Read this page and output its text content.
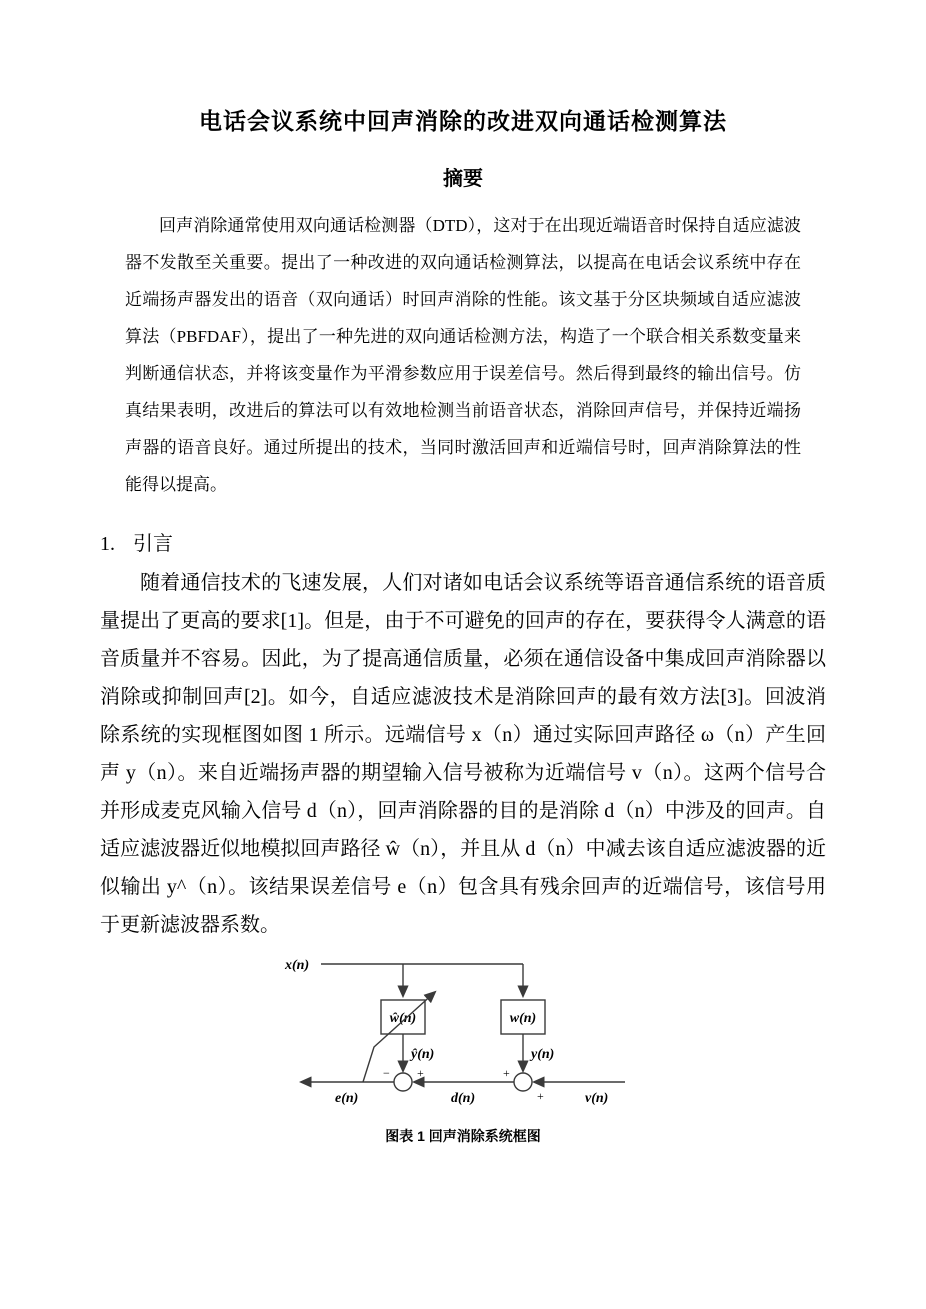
电话会议系统中回声消除的改进双向通话检测算法
摘要

回声消除通常使用双向通话检测器（DTD），这对于在出现近端语音时保持自适应滤波器不发散至关重要。提出了一种改进的双向通话检测算法，以提高在电话会议系统中存在近端扬声器发出的语音（双向通话）时回声消除的性能。该文基于分区块频域自适应滤波算法（PBFDAF），提出了一种先进的双向通话检测方法，构造了一个联合相关系数变量来判断通信状态，并将该变量作为平滑参数应用于误差信号。然后得到最终的输出信号。仿真结果表明，改进后的算法可以有效地检测当前语音状态，消除回声信号，并保持近端扬声器的语音良好。通过所提出的技术，当同时激活回声和近端信号时，回声消除算法的性能得以提高。

1. 引言

随着通信技术的飞速发展，人们对诸如电话会议系统等语音通信系统的语音质量提出了更高的要求[1]。但是，由于不可避免的回声的存在，要获得令人满意的语音质量并不容易。因此，为了提高通信质量，必须在通信设备中集成回声消除器以消除或抑制回声[2]。如今，自适应滤波技术是消除回声的最有效方法[3]。回波消除系统的实现框图如图 1 所示。远端信号 x（n）通过实际回声路径 ω（n）产生回声 y（n）。来自近端扬声器的期望输入信号被称为近端信号 v（n）。这两个信号合并形成麦克风输入信号 d（n），回声消除器的目的是消除 d（n）中涉及的回声。自适应滤波器近似地模拟回声路径 ŵ（n），并且从 d（n）中减去该自适应滤波器的近似输出 y^（n）。该结果误差信号 e（n）包含具有残余回声的近端信号，该信号用于更新滤波器系数。

x(n)
ŵ(n)	w(n)
ŷ(n)	y(n)
− +	+
+	v(n)
d(n)
e(n)
图表 1 回声消除系统框图
